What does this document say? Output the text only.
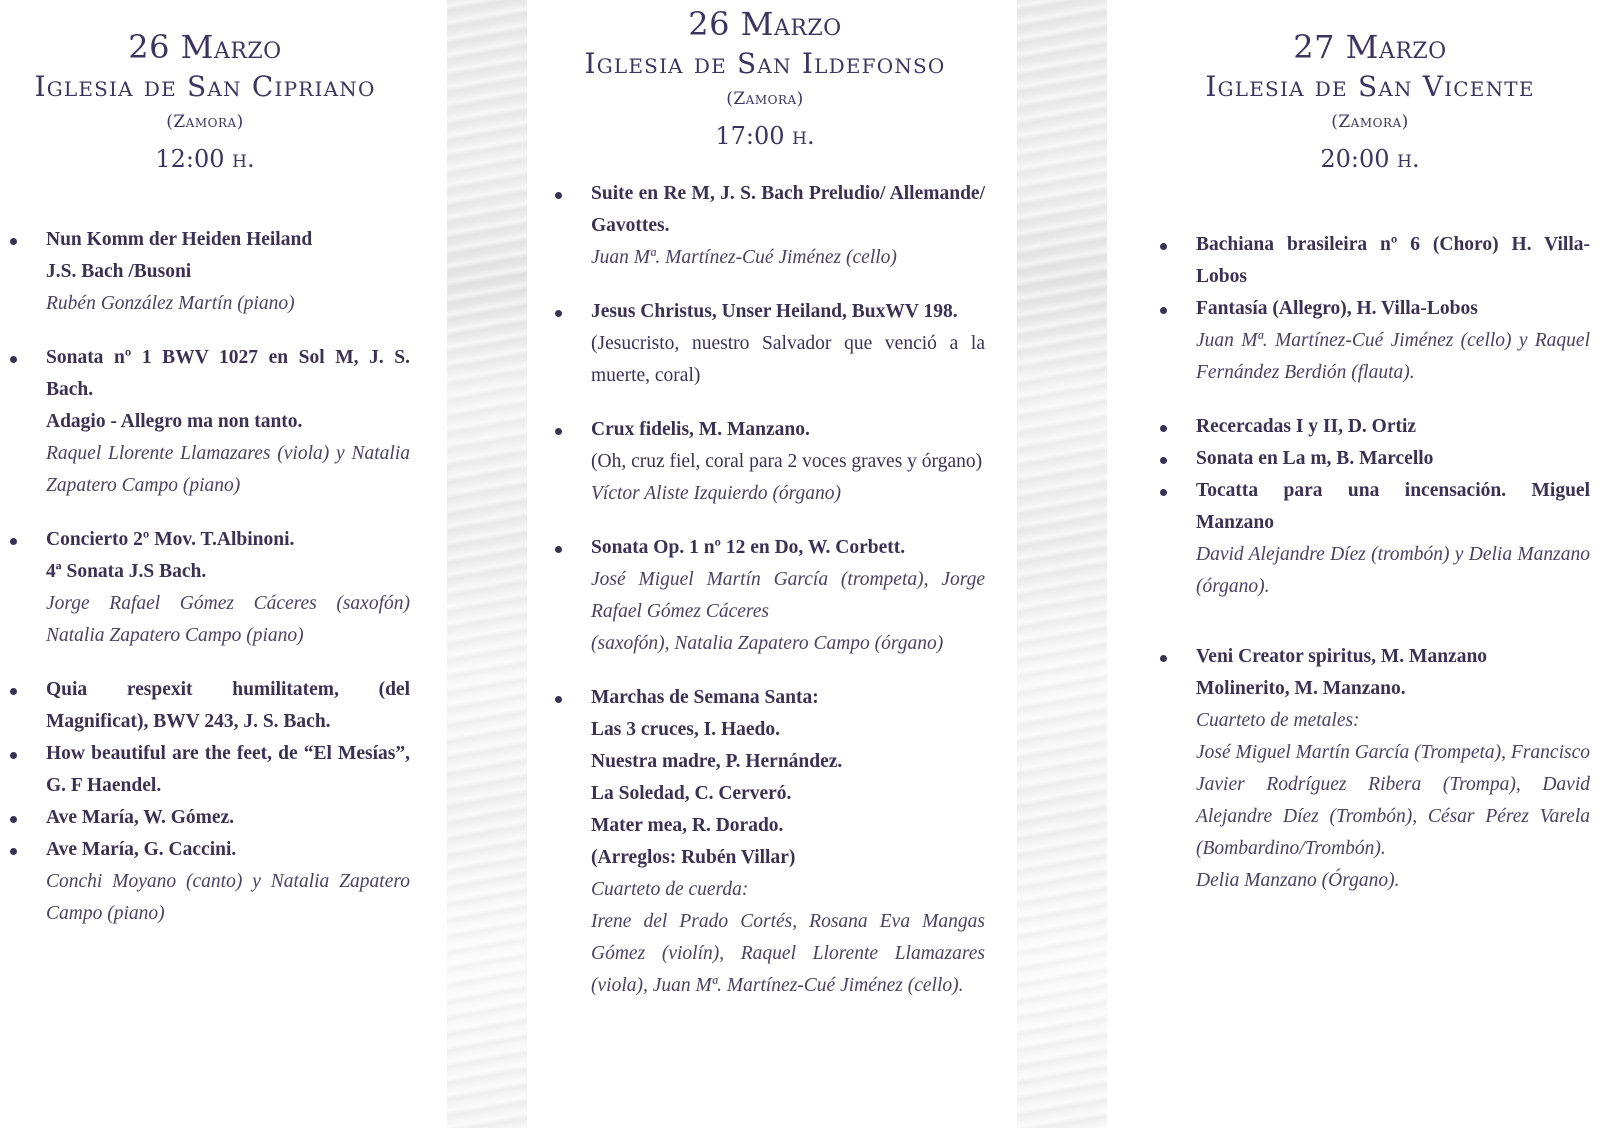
26 Marzo
Iglesia de San Cipriano
(Zamora)
12:00 h.
Nun Komm der Heiden Heiland
J.S. Bach /Busoni
Rubén González Martín (piano)
Sonata nº 1 BWV 1027 en Sol M, J. S. Bach.
Adagio - Allegro ma non tanto.
Raquel Llorente Llamazares (viola) y Natalia Zapatero Campo (piano)
Concierto 2º Mov. T.Albinoni.
4ª Sonata J.S Bach.
Jorge Rafael Gómez Cáceres (saxofón) Natalia Zapatero Campo (piano)
Quia respexit humilitatem, (del Magnificat), BWV 243, J. S. Bach.
How beautiful are the feet, de “El Mesías”, G. F Haendel.
Ave María, W. Gómez.
Ave María, G. Caccini.
Conchi Moyano (canto) y Natalia Zapatero Campo (piano)
26 Marzo
Iglesia de San Ildefonso
(Zamora)
17:00 h.
Suite en Re M, J. S. Bach Preludio/ Allemande/ Gavottes.
Juan Mª. Martínez-Cué Jiménez (cello)
Jesus Christus, Unser Heiland, BuxWV 198.
(Jesucristo, nuestro Salvador que venció a la muerte, coral)
Crux fidelis, M. Manzano.
(Oh, cruz fiel, coral para 2 voces graves y órgano)
Víctor Aliste Izquierdo (órgano)
Sonata Op. 1 nº 12 en Do, W. Corbett.
José Miguel Martín García (trompeta), Jorge Rafael Gómez Cáceres
(saxofón), Natalia Zapatero Campo (órgano)
Marchas de Semana Santa:
Las 3 cruces, I. Haedo.
Nuestra madre, P. Hernández.
La Soledad, C. Cerveró.
Mater mea, R. Dorado.
(Arreglos: Rubén Villar)
Cuarteto de cuerda:
Irene del Prado Cortés, Rosana Eva Mangas Gómez (violín), Raquel Llorente Llamazares (viola), Juan Mª. Martínez-Cué Jiménez (cello).
27 Marzo
Iglesia de San Vicente
(Zamora)
20:00 h.
Bachiana brasileira nº 6 (Choro) H. Villa-Lobos
Fantasía (Allegro), H. Villa-Lobos
Juan Mª. Martínez-Cué Jiménez (cello) y Raquel Fernández Berdión (flauta).
Recercadas I y II, D. Ortiz
Sonata en La m, B. Marcello
Tocatta para una incensación. Miguel Manzano
David Alejandre Díez (trombón) y Delia Manzano (órgano).
Veni Creator spiritus, M. Manzano
Molinerito, M. Manzano.
Cuarteto de metales:
José Miguel Martín García (Trompeta), Francisco Javier Rodríguez Ribera (Trompa), David Alejandre Díez (Trombón), César Pérez Varela (Bombardino/Trombón).
Delia Manzano (Órgano).
